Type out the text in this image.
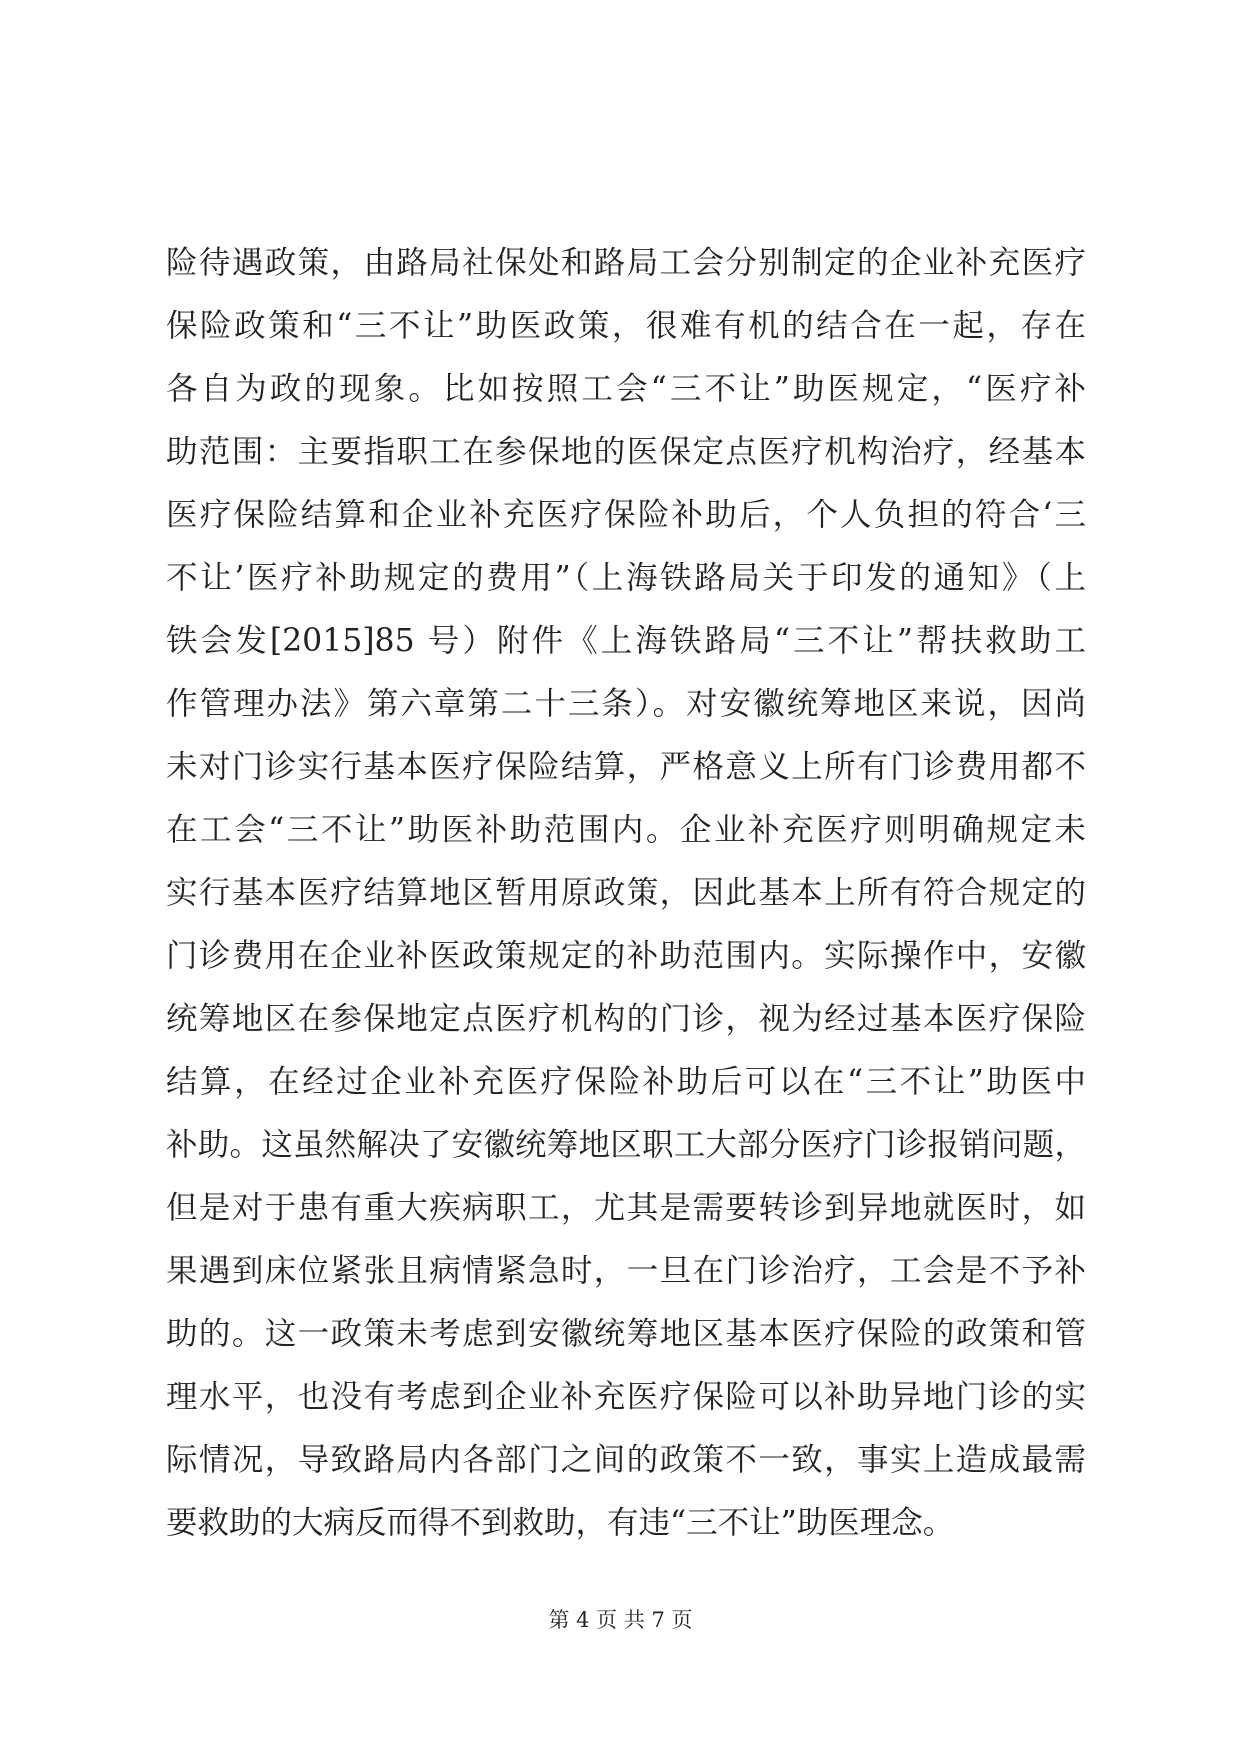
险待遇政策，由路局社保处和路局工会分别制定的企业补充医疗
保险政策和“三不让”助医政策，很难有机的结合在一起，存在
各自为政的现象。比如按照工会“三不让”助医规定，“医疗补
助范围：主要指职工在参保地的医保定点医疗机构治疗，经基本
医疗保险结算和企业补充医疗保险补助后，个人负担的符合‘三
不让’医疗补助规定的费用”（上海铁路局关于印发的通知》（上
铁会发[2015]85 号）附件《上海铁路局“三不让”帮扶救助工
作管理办法》第六章第二十三条）。对安徽统筹地区来说，因尚
未对门诊实行基本医疗保险结算，严格意义上所有门诊费用都不
在工会“三不让”助医补助范围内。企业补充医疗则明确规定未
实行基本医疗结算地区暂用原政策，因此基本上所有符合规定的
门诊费用在企业补医政策规定的补助范围内。实际操作中，安徽
统筹地区在参保地定点医疗机构的门诊，视为经过基本医疗保险
结算，在经过企业补充医疗保险补助后可以在“三不让”助医中
补助。这虽然解决了安徽统筹地区职工大部分医疗门诊报销问题，
但是对于患有重大疾病职工，尤其是需要转诊到异地就医时，如
果遇到床位紧张且病情紧急时，一旦在门诊治疗，工会是不予补
助的。这一政策未考虑到安徽统筹地区基本医疗保险的政策和管
理水平，也没有考虑到企业补充医疗保险可以补助异地门诊的实
际情况，导致路局内各部门之间的政策不一致，事实上造成最需
要救助的大病反而得不到救助，有违“三不让”助医理念。
第 4 页 共 7 页
